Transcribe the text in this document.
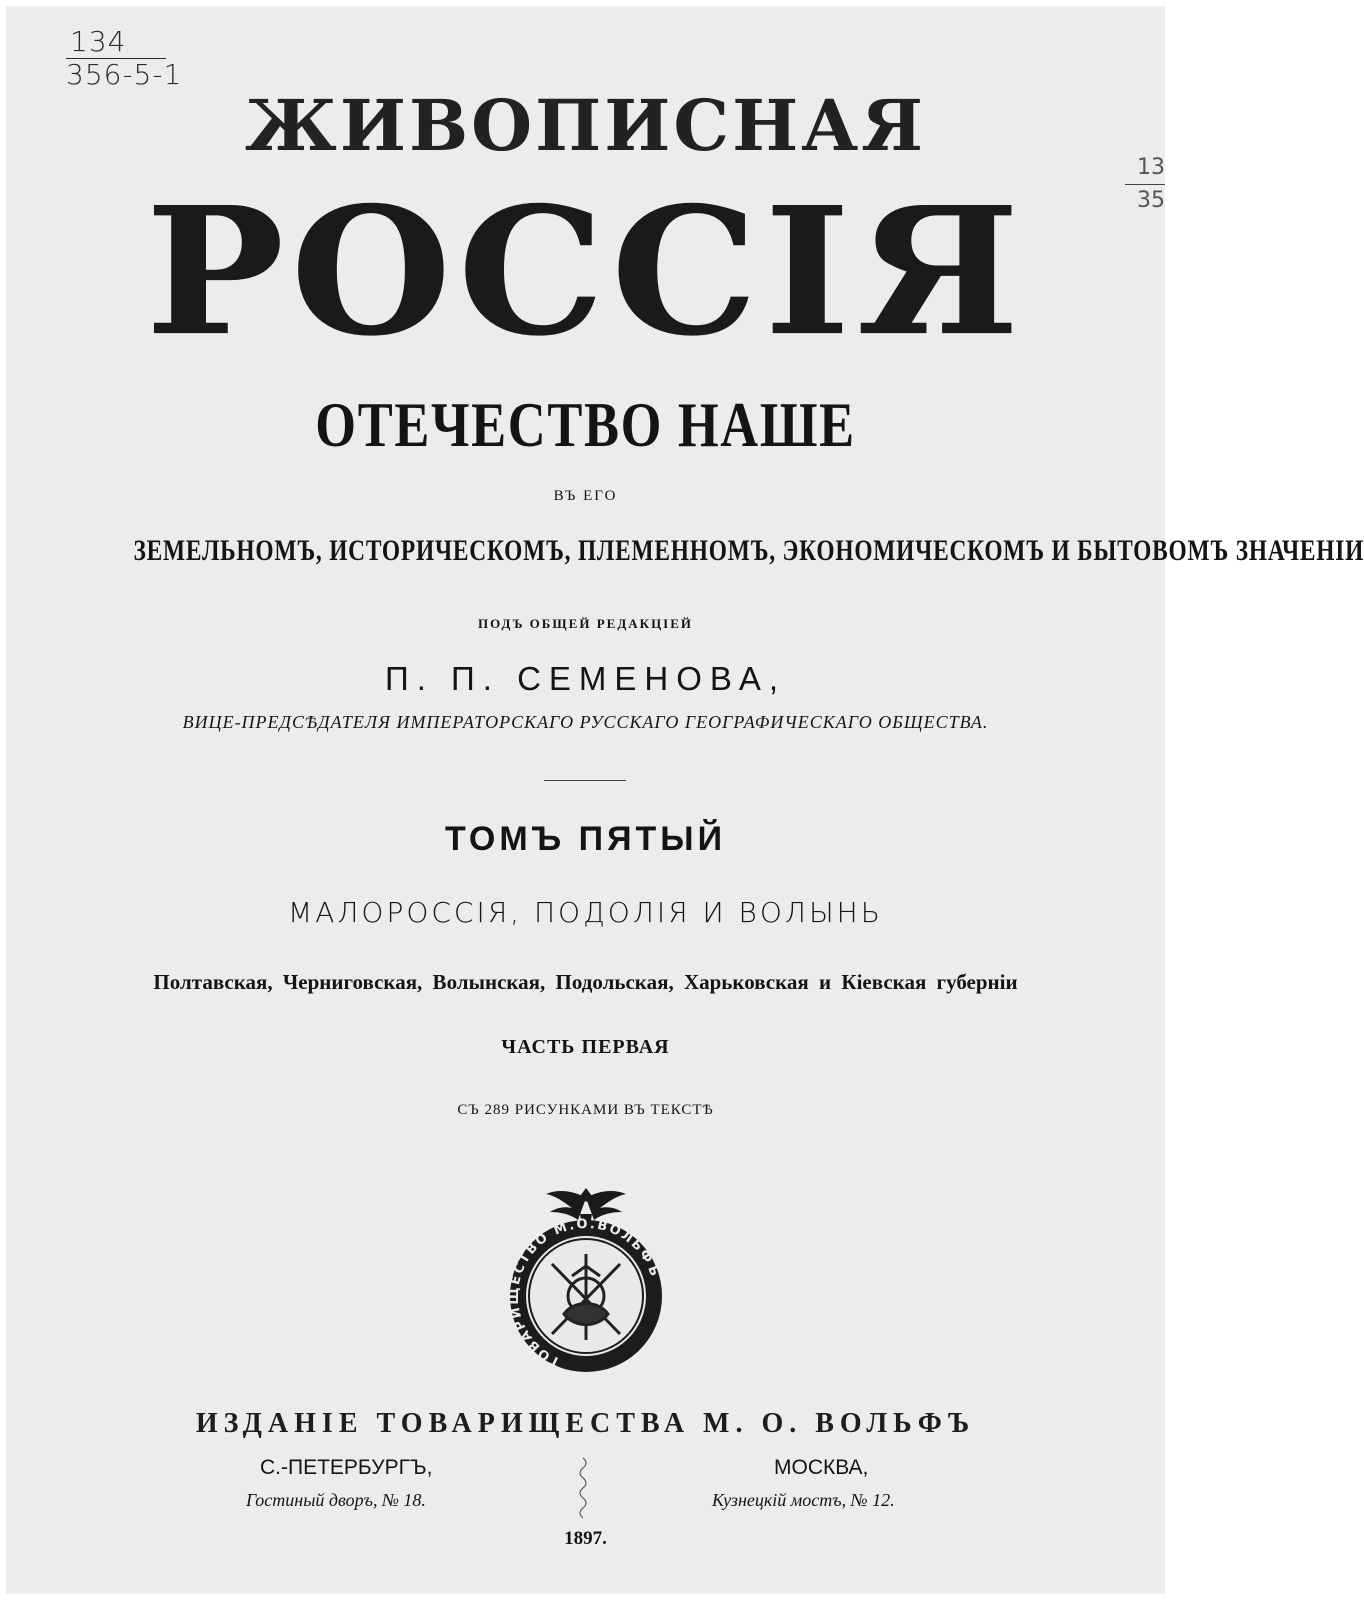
134
356-5-1
13
35
ЖИВОПИСНАЯ
РОССІЯ
ОТЕЧЕСТВО НАШЕ
ВЪ ЕГО
ЗЕМЕЛЬНОМЪ, ИСТОРИЧЕСКОМЪ, ПЛЕМЕННОМЪ, ЭКОНОМИЧЕСКОМЪ И БЫТОВОМЪ ЗНАЧЕНІИ
ПОДЪ ОБЩЕЙ РЕДАКЦІЕЙ
П. П. СЕМЕНОВА,
ВИЦЕ-ПРЕДСѢДАТЕЛЯ ИМПЕРАТОРСКАГО РУССКАГО ГЕОГРАФИЧЕСКАГО ОБЩЕСТВА.
ТОМЪ ПЯТЫЙ
МАЛОРОССІЯ, ПОДОЛІЯ И ВОЛЫНЬ
Полтавская, Черниговская, Волынская, Подольская, Харьковская и Кіевская губерніи
ЧАСТЬ ПЕРВАЯ
СЪ 289 РИСУНКАМИ ВЪ ТЕКСТѢ
ТОВАРИЩЕСТВО М.О.ВОЛЬФЪ
ИЗДАНІЕ ТОВАРИЩЕСТВА М. О. ВОЛЬФЪ
С.-ПЕТЕРБУРГЪ,
Гостиный дворъ, № 18.
МОСКВА,
Кузнецкій мостъ, № 12.
1897.
